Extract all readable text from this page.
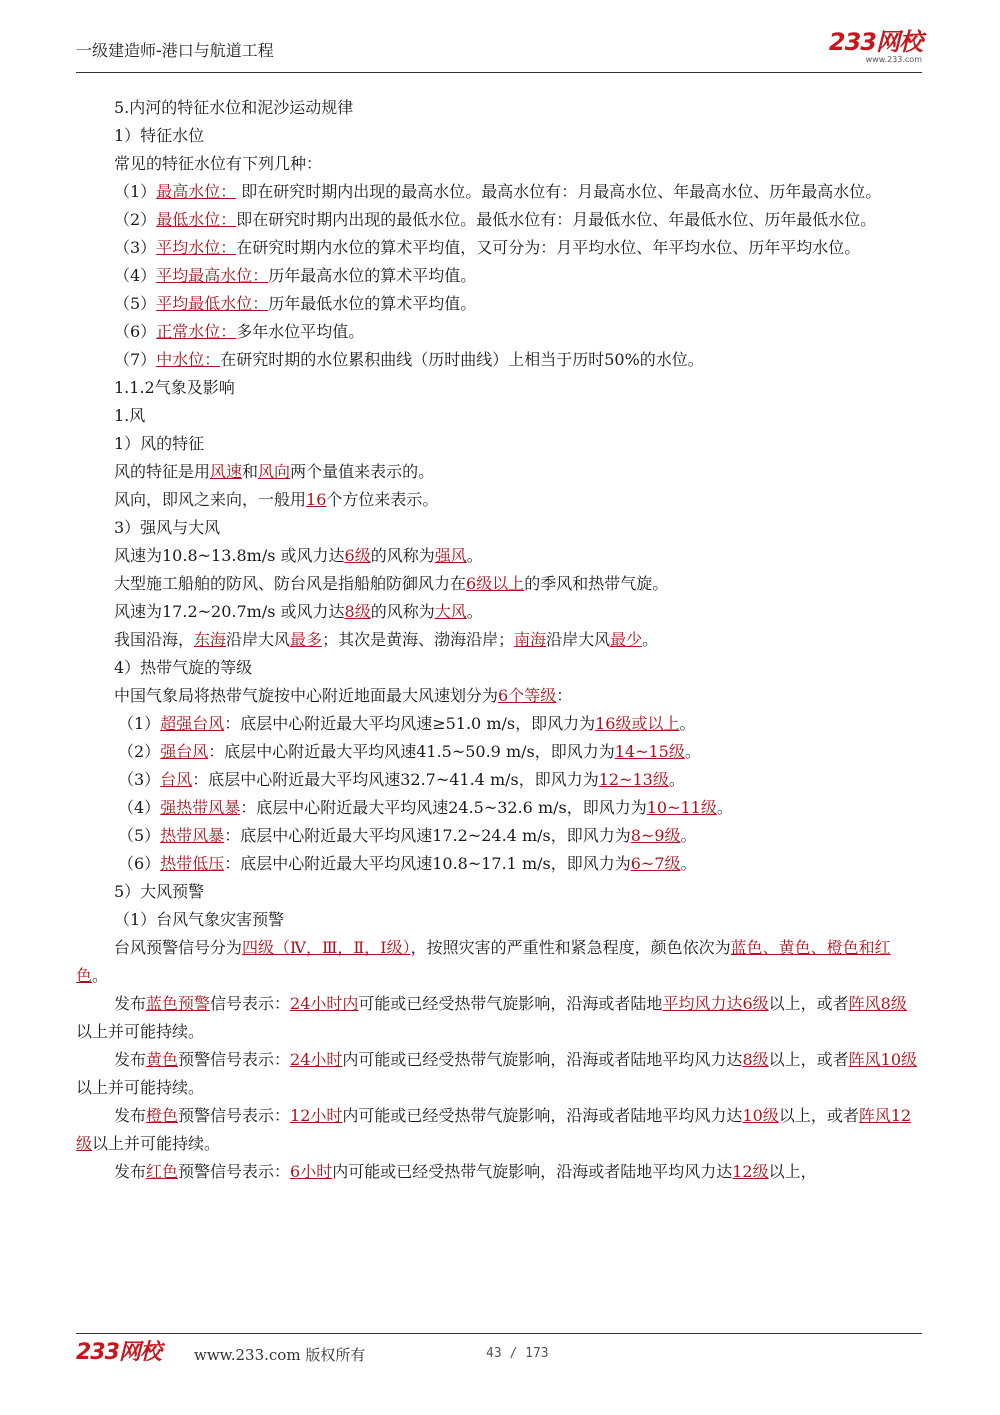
一级建造师-港口与航道工程	233网校
www.233.com

5.内河的特征水位和泥沙运动规律

1）特征水位

常见的特征水位有下列几种：

（1）最高水位： 即在研究时期内出现的最高水位。最高水位有：月最高水位、年最高水位、历年最高水位。

（2）最低水位：即在研究时期内出现的最低水位。最低水位有：月最低水位、年最低水位、历年最低水位。

（3）平均水位：在研究时期内水位的算术平均值，又可分为：月平均水位、年平均水位、历年平均水位。

（4）平均最高水位：历年最高水位的算术平均值。

（5）平均最低水位：历年最低水位的算术平均值。

（6）正常水位：多年水位平均值。

（7）中水位：在研究时期的水位累积曲线（历时曲线）上相当于历时50%的水位。

1.1.2气象及影响

1.风

1）风的特征

风的特征是用风速和风向两个量值来表示的。

风向，即风之来向，一般用16个方位来表示。

3）强风与大风

风速为10.8~13.8m/s 或风力达6级的风称为强风。

大型施工船舶的防风、防台风是指船舶防御风力在6级以上的季风和热带气旋。

风速为17.2~20.7m/s 或风力达8级的风称为大风。

我国沿海，东海沿岸大风最多；其次是黄海、渤海沿岸；南海沿岸大风最少。

4）热带气旋的等级

中国气象局将热带气旋按中心附近地面最大风速划分为6个等级：

（1）超强台风：底层中心附近最大平均风速≥51.0 m/s，即风力为16级或以上。

（2）强台风：底层中心附近最大平均风速41.5~50.9 m/s，即风力为14~15级。

（3）台风：底层中心附近最大平均风速32.7~41.4 m/s，即风力为12~13级。

（4）强热带风暴：底层中心附近最大平均风速24.5~32.6 m/s，即风力为10~11级。

（5）热带风暴：底层中心附近最大平均风速17.2~24.4 m/s，即风力为8~9级。

（6）热带低压：底层中心附近最大平均风速10.8~17.1 m/s，即风力为6~7级。

5）大风预警

（1）台风气象灾害预警

台风预警信号分为四级（Ⅳ，Ⅲ，Ⅱ，Ⅰ级），按照灾害的严重性和紧急程度，颜色依次为蓝色、黄色、橙色和红色。

发布蓝色预警信号表示：24小时内可能或已经受热带气旋影响，沿海或者陆地平均风力达6级以上，或者阵风8级以上并可能持续。

发布黄色预警信号表示：24小时内可能或已经受热带气旋影响，沿海或者陆地平均风力达8级以上，或者阵风10级以上并可能持续。

发布橙色预警信号表示：12小时内可能或已经受热带气旋影响，沿海或者陆地平均风力达10级以上，或者阵风12级以上并可能持续。

发布红色预警信号表示：6小时内可能或已经受热带气旋影响，沿海或者陆地平均风力达12级以上，

233网校 www.233.com 版权所有	43 / 173
